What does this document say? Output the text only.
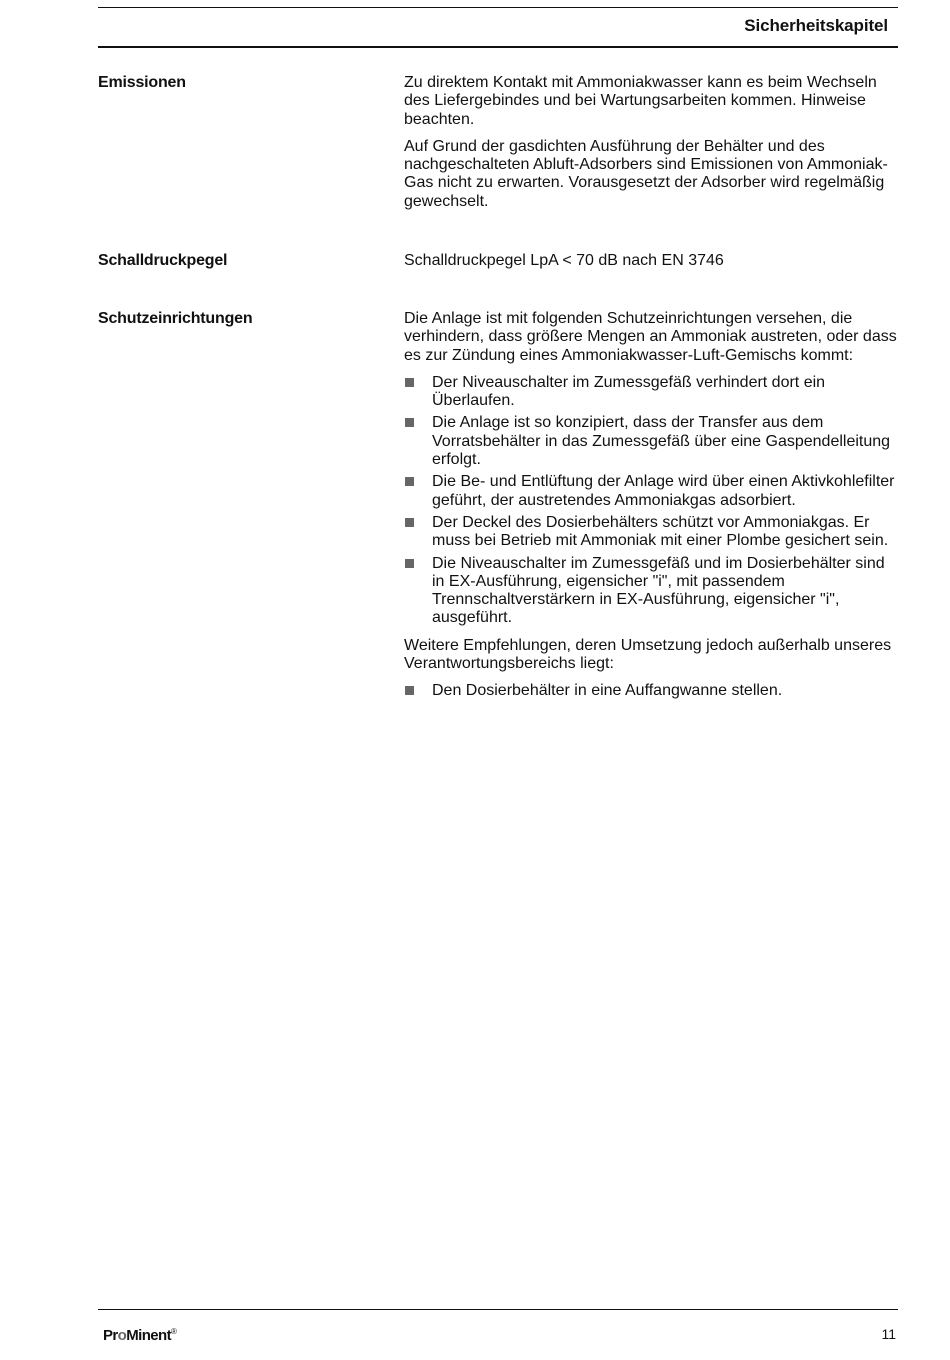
Sicherheitskapitel
Emissionen	Zu direktem Kontakt mit Ammoniakwasser kann es beim Wechseln des Liefergebindes und bei Wartungsarbeiten kommen. Hinweise beachten.

Auf Grund der gasdichten Ausführung der Behälter und des nachgeschalteten Abluft-Adsorbers sind Emissionen von Ammoniak-Gas nicht zu erwarten. Vorausgesetzt der Adsorber wird regelmäßig gewechselt.

Schalldruckpegel	Schalldruckpegel LpA < 70 dB nach EN 3746

Schutzeinrichtungen	Die Anlage ist mit folgenden Schutzeinrichtungen versehen, die verhindern, dass größere Mengen an Ammoniak austreten, oder dass es zur Zündung eines Ammoniakwasser-Luft-Gemischs kommt:

Der Niveauschalter im Zumessgefäß verhindert dort ein Überlaufen.
Die Anlage ist so konzipiert, dass der Transfer aus dem Vorratsbehälter in das Zumessgefäß über eine Gaspendelleitung erfolgt.
Die Be- und Entlüftung der Anlage wird über einen Aktivkohlefilter geführt, der austretendes Ammoniakgas adsorbiert.
Der Deckel des Dosierbehälters schützt vor Ammoniakgas. Er muss bei Betrieb mit Ammoniak mit einer Plombe gesichert sein.
Die Niveauschalter im Zumessgefäß und im Dosierbehälter sind in EX-Ausführung, eigensicher "i", mit passendem Trennschaltverstärkern in EX-Ausführung, eigensicher "i", ausgeführt.

Weitere Empfehlungen, deren Umsetzung jedoch außerhalb unseres Verantwortungsbereichs liegt:

Den Dosierbehälter in eine Auffangwanne stellen.
ProMinent®	11
